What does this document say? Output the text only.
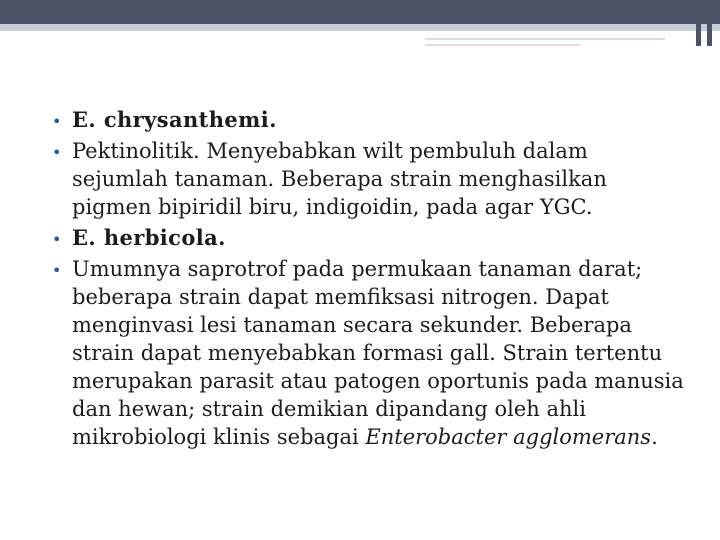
• E. chrysanthemi.
• Pektinolitik. Menyebabkan wilt pembuluh dalam sejumlah tanaman. Beberapa strain menghasilkan pigmen bipiridil biru, indigoidin, pada agar YGC.
• E. herbicola.
• Umumnya saprotrof pada permukaan tanaman darat; beberapa strain dapat memfiksasi nitrogen. Dapat menginvasi lesi tanaman secara sekunder. Beberapa strain dapat menyebabkan formasi gall. Strain tertentu merupakan parasit atau patogen oportunis pada manusia dan hewan; strain demikian dipandang oleh ahli mikrobiologi klinis sebagai Enterobacter agglomerans.
